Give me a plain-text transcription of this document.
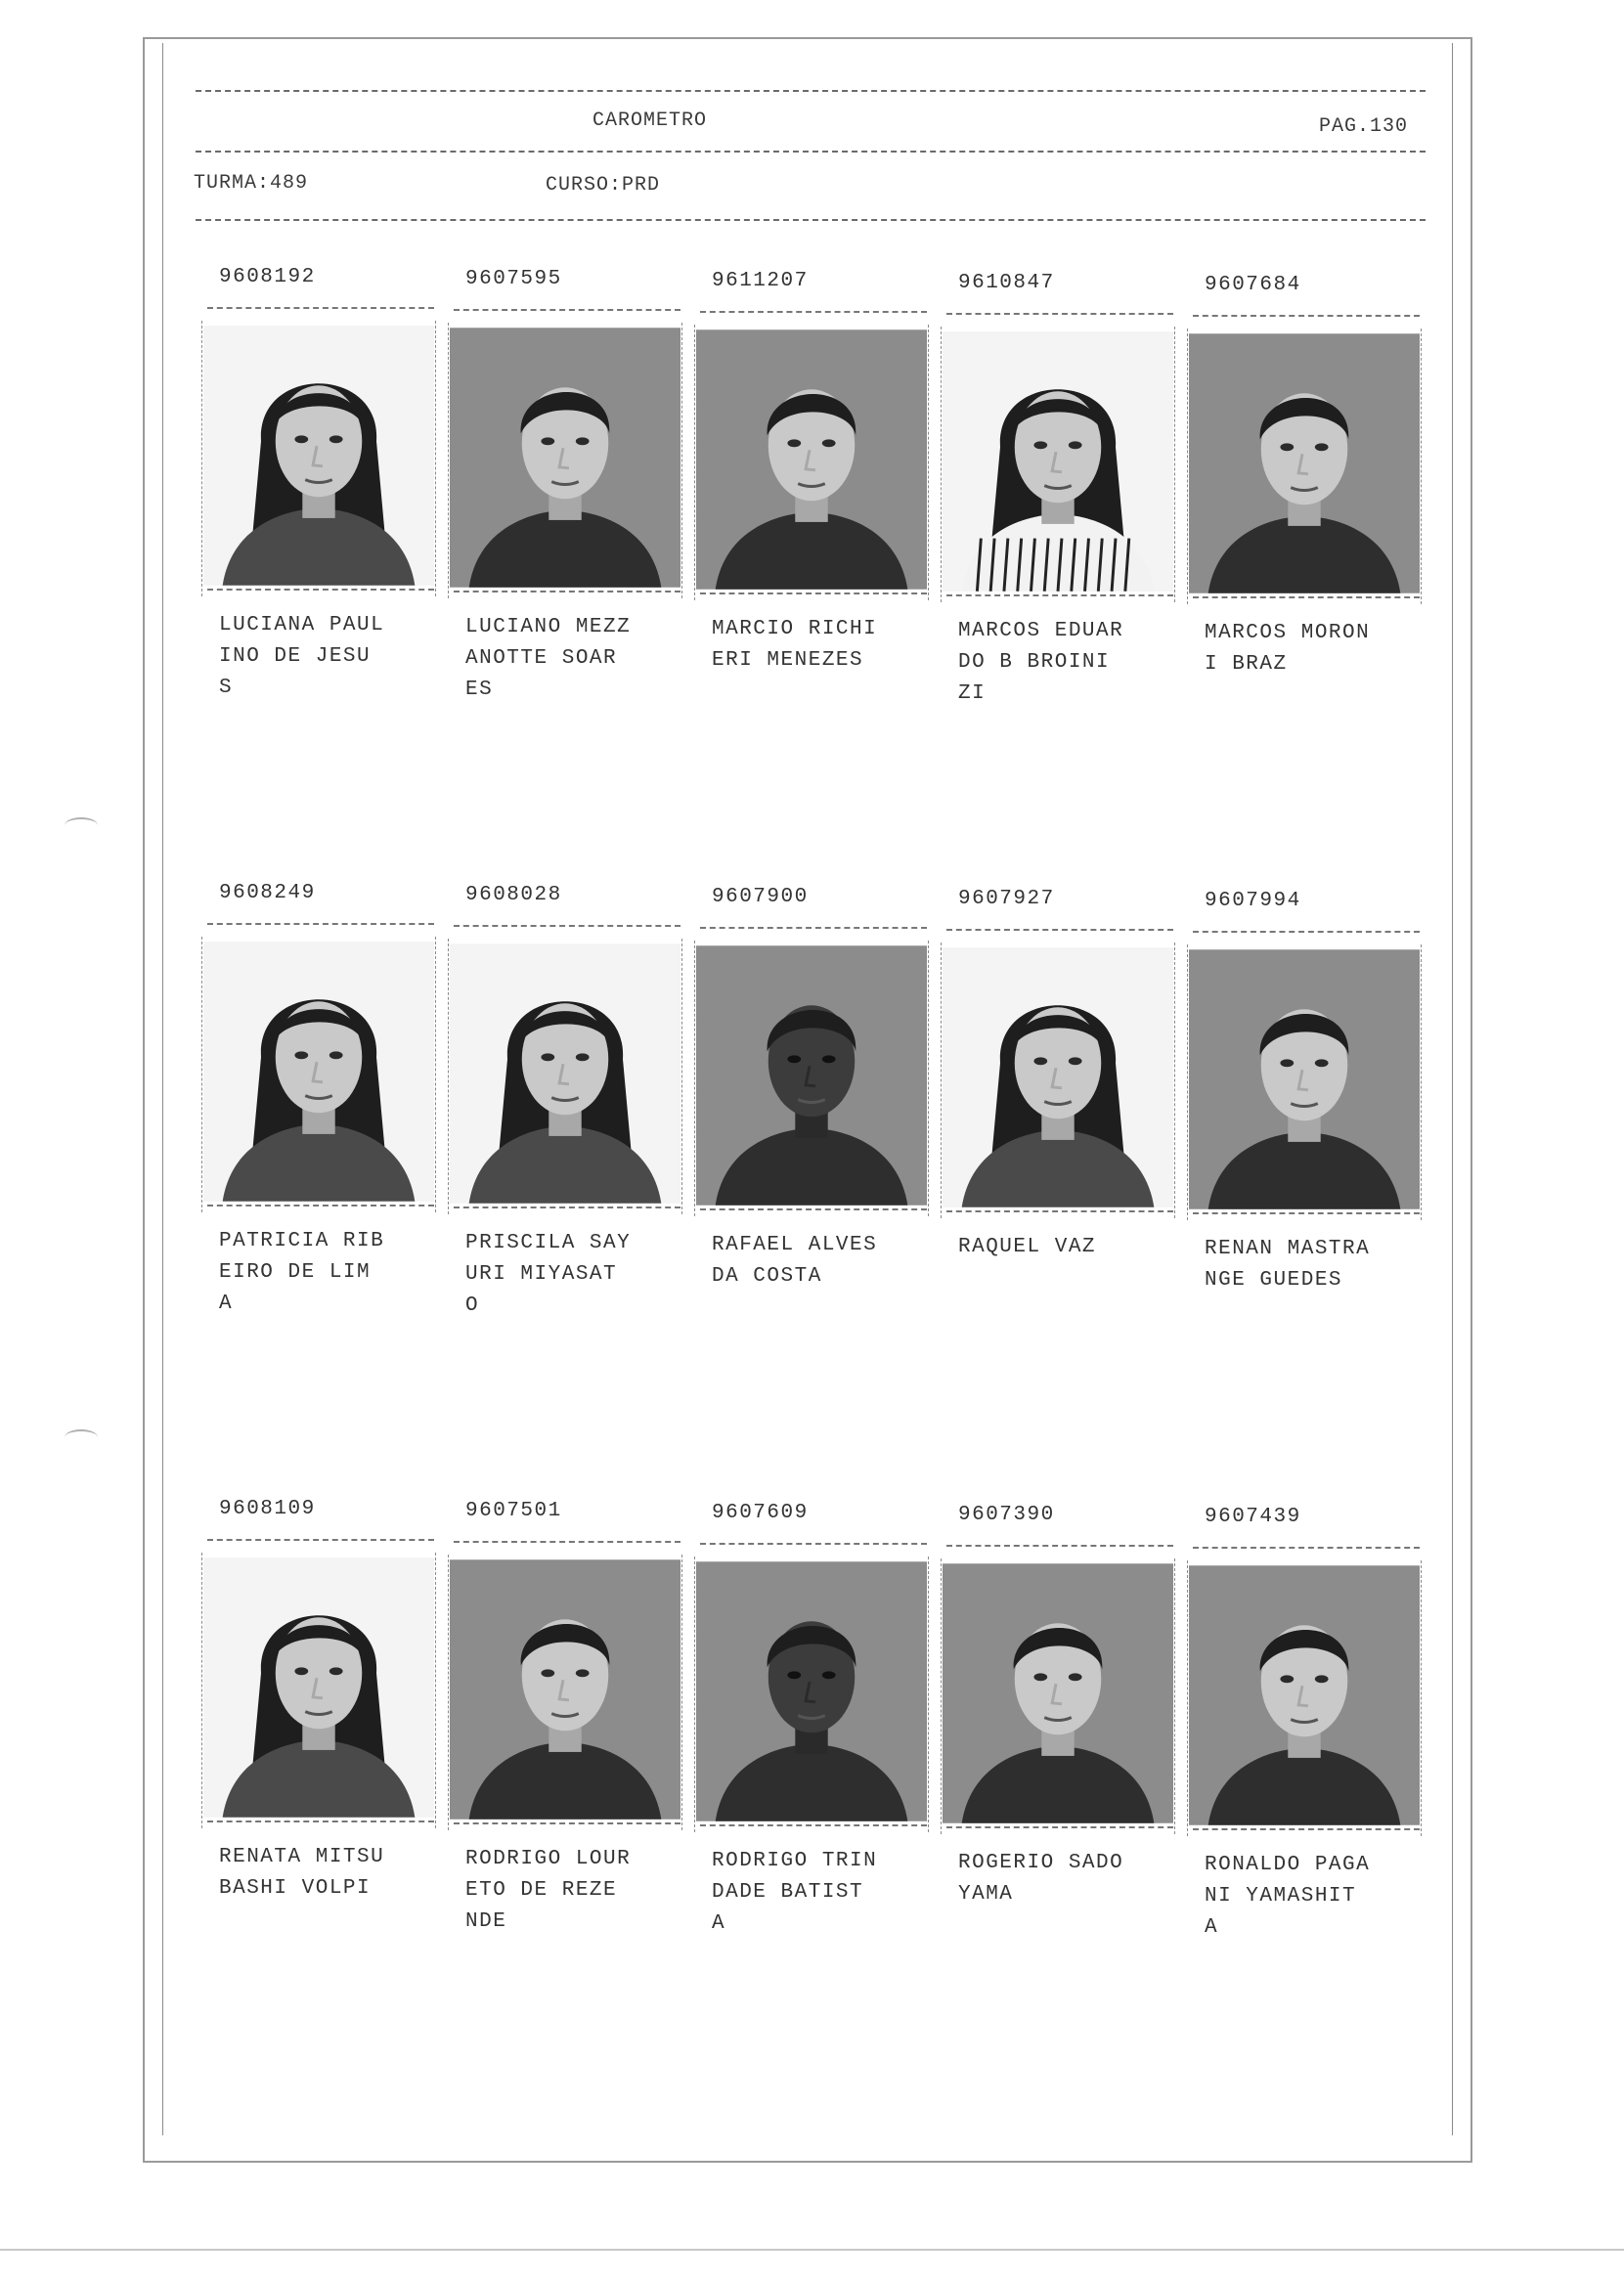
CAROMETRO	PAG.130
TURMA:489	CURSO:PRD
9608192
LUCIANA PAUL
INO DE JESU
S
9607595
LUCIANO MEZZ
ANOTTE SOAR
ES
9611207
MARCIO RICHI
ERI MENEZES
9610847
MARCOS EDUAR
DO B BROINI
ZI
9607684
MARCOS MORON
I BRAZ
9608249
PATRICIA RIB
EIRO DE LIM
A
9608028
PRISCILA SAY
URI MIYASAT
O
9607900
RAFAEL ALVES
DA COSTA
9607927
RAQUEL VAZ
9607994
RENAN MASTRA
NGE GUEDES
9608109
RENATA MITSU
BASHI VOLPI
9607501
RODRIGO LOUR
ETO DE REZE
NDE
9607609
RODRIGO TRIN
DADE BATIST
A
9607390
ROGERIO SADO
YAMA
9607439
RONALDO PAGA
NI YAMASHIT
A
